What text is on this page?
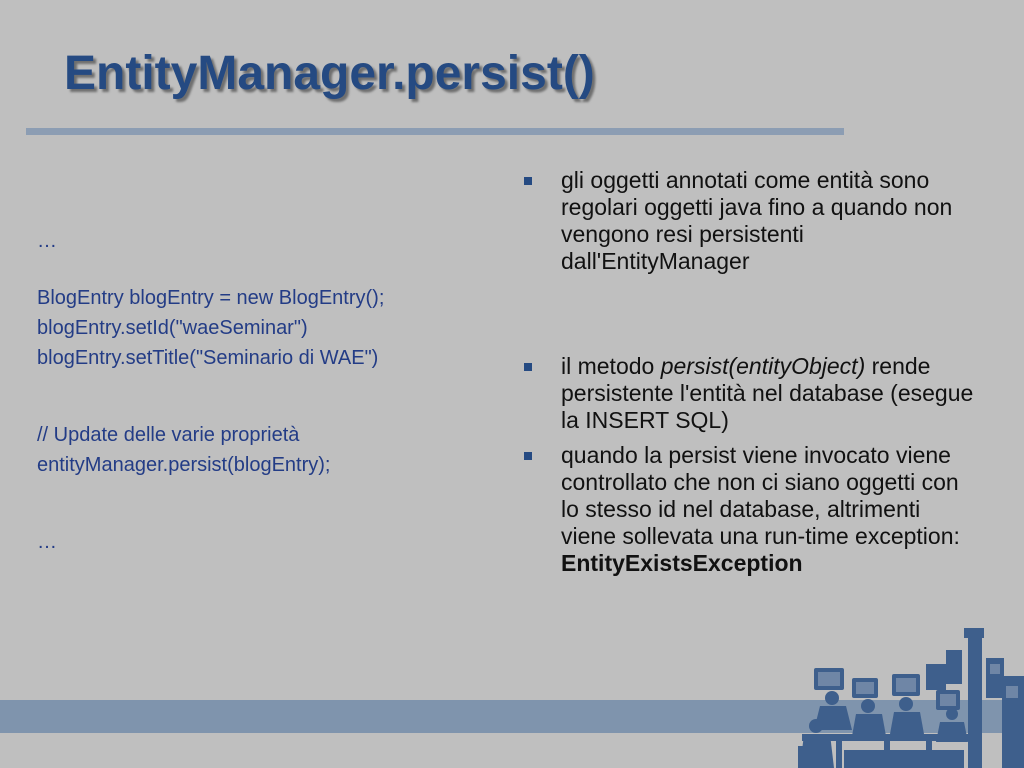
EntityManager.persist()
…
BlogEntry blogEntry = new BlogEntry();
blogEntry.setId("waeSeminar")
blogEntry.setTitle("Seminario di WAE")
// Update delle varie proprietà
entityManager.persist(blogEntry);
…
gli oggetti annotati come entità sono regolari oggetti java fino a quando non vengono resi persistenti dall'EntityManager
il metodo persist(entityObject) rende persistente l'entità nel database (esegue la INSERT SQL)
quando la persist viene invocato viene controllato che non ci siano oggetti con lo stesso id nel database, altrimenti viene sollevata una run-time exception: EntityExistsException
